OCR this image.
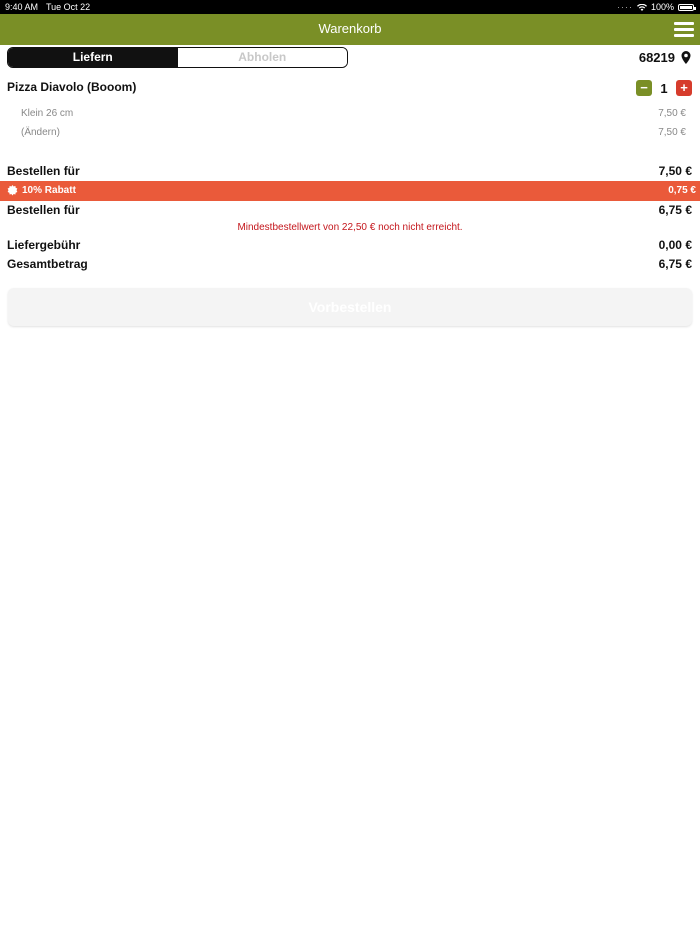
9:40 AM Tue Oct 22	···· 100%
Warenkorb
Liefern	Abholen	68219
Pizza Diavolo (Booom)	− 1 +
Klein 26 cm	7,50 €
(Ändern)	7,50 €
Bestellen für	7,50 €
10% Rabatt	0,75 €
Bestellen für	6,75 €
Mindestbestellwert von 22,50 € noch nicht erreicht.
Liefergebühr	0,00 €
Gesamtbetrag	6,75 €
Vorbestellen
